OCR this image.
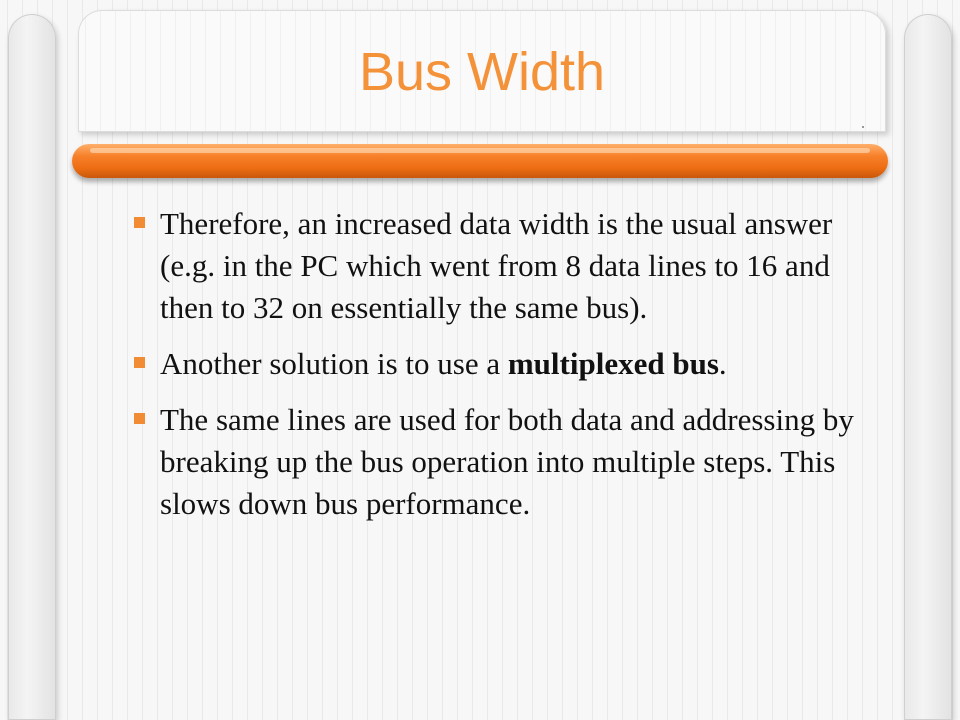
Bus Width
Therefore, an increased data width is the usual answer (e.g. in the PC which went from 8 data lines to 16 and then to 32 on essentially the same bus).
Another solution is to use a multiplexed bus.
The same lines are used for both data and addressing by breaking up the bus operation into multiple steps. This slows down bus performance.
